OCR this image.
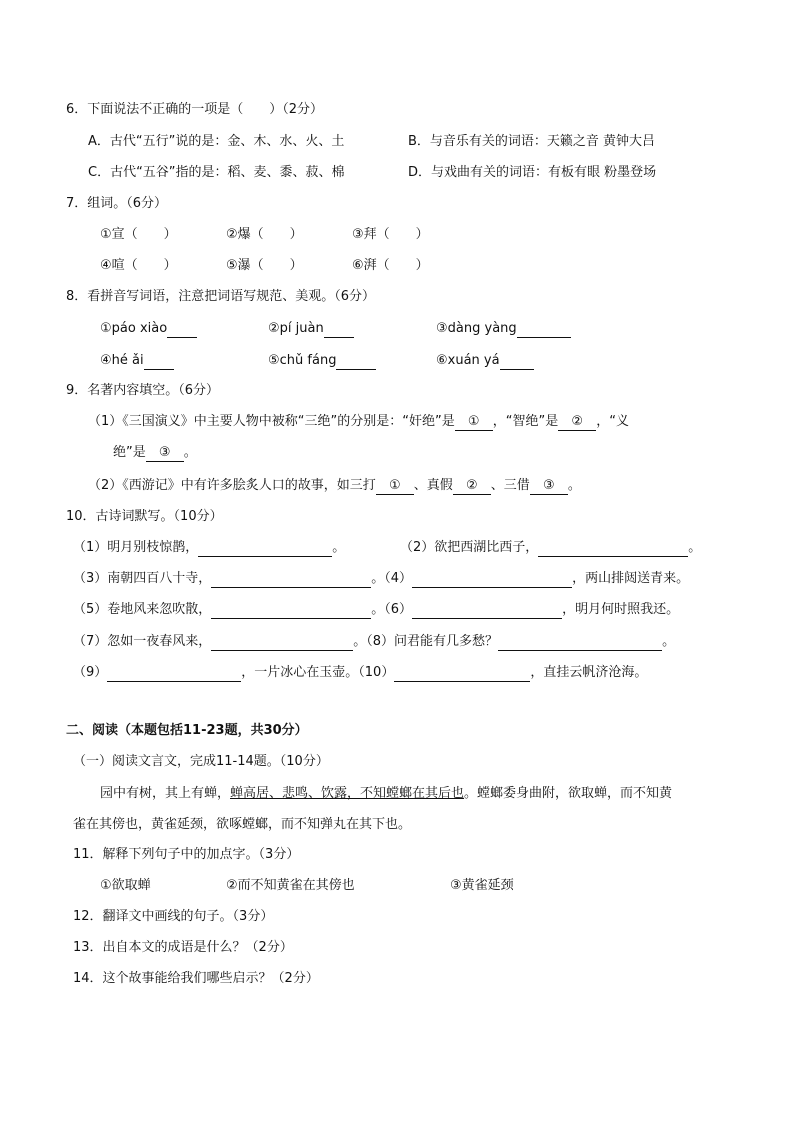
6．下面说法不正确的一项是（　　）（2分）
A．古代“五行”说的是：金、木、水、火、土	B．与音乐有关的词语：天籁之音 黄钟大吕
C．古代“五谷”指的是：稻、麦、黍、菽、棉	D．与戏曲有关的词语：有板有眼 粉墨登场
7．组词。（6分）
①宣（　　）	②爆（　　）	③拜（　　）
④喧（　　）	⑤瀑（　　）	⑥湃（　　）
8．看拼音写词语，注意把词语写规范、美观。（6分）
①páo xiào	②pí juàn	③dàng yàng
④hé ǎi	⑤chǔ fáng	⑥xuán yá
9．名著内容填空。（6分）
（1）《三国演义》中主要人物中被称“三绝”的分别是：“奸绝”是 ① ，“智绝”是 ② ，“义
绝”是 ③ 。
（2）《西游记》中有许多脍炙人口的故事，如三打 ① 、真假 ② 、三借 ③ 。
10．古诗词默写。（10分）
（1）明月别枝惊鹊，	。	（2）欲把西湖比西子，	。
（3）南朝四百八十寺，	。（4）	，两山排闼送青来。
（5）卷地风来忽吹散，	。（6）	，明月何时照我还。
（7）忽如一夜春风来，	。（8）问君能有几多愁？	。
（9）	，一片冰心在玉壶。（10）	，直挂云帆济沧海。
二、阅读（本题包括11-23题，共30分）
（一）阅读文言文，完成11-14题。（10分）
园中有树，其上有蝉，蝉高居、悲鸣、饮露，不知螳螂在其后也。螳螂委身曲附，欲取蝉，而不知黄
雀在其傍也，黄雀延颈，欲啄螳螂，而不知弹丸在其下也。
11．解释下列句子中的加点字。（3分）
①欲取蝉	②而不知黄雀在其傍也	③黄雀延颈
12．翻译文中画线的句子。（3分）
13．出自本文的成语是什么？（2分）
14．这个故事能给我们哪些启示？（2分）
